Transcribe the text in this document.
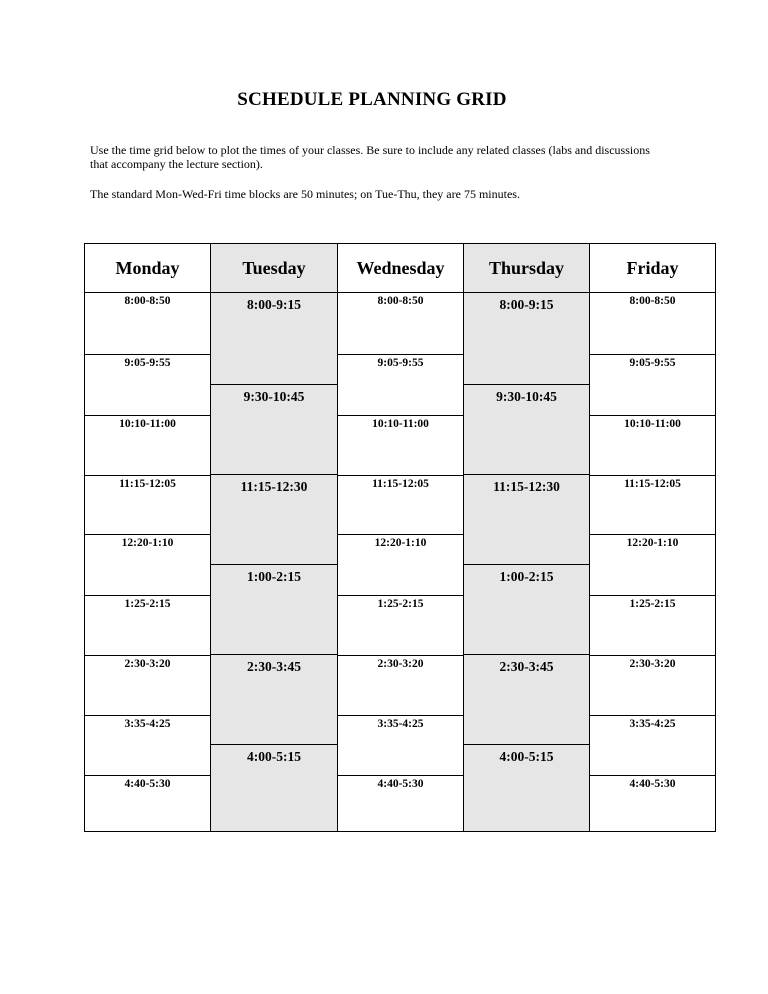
SCHEDULE PLANNING GRID
Use the time grid below to plot the times of your classes. Be sure to include any related classes (labs and discussions that accompany the lecture section).
The standard Mon-Wed-Fri time blocks are 50 minutes; on Tue-Thu, they are 75 minutes.
Monday
8:00-8:50
9:05-9:55
10:10-11:00
11:15-12:05
12:20-1:10
1:25-2:15
2:30-3:20
3:35-4:25
4:40-5:30
Tuesday
8:00-9:15
9:30-10:45
11:15-12:30
1:00-2:15
2:30-3:45
4:00-5:15
Wednesday
8:00-8:50
9:05-9:55
10:10-11:00
11:15-12:05
12:20-1:10
1:25-2:15
2:30-3:20
3:35-4:25
4:40-5:30
Thursday
8:00-9:15
9:30-10:45
11:15-12:30
1:00-2:15
2:30-3:45
4:00-5:15
Friday
8:00-8:50
9:05-9:55
10:10-11:00
11:15-12:05
12:20-1:10
1:25-2:15
2:30-3:20
3:35-4:25
4:40-5:30
